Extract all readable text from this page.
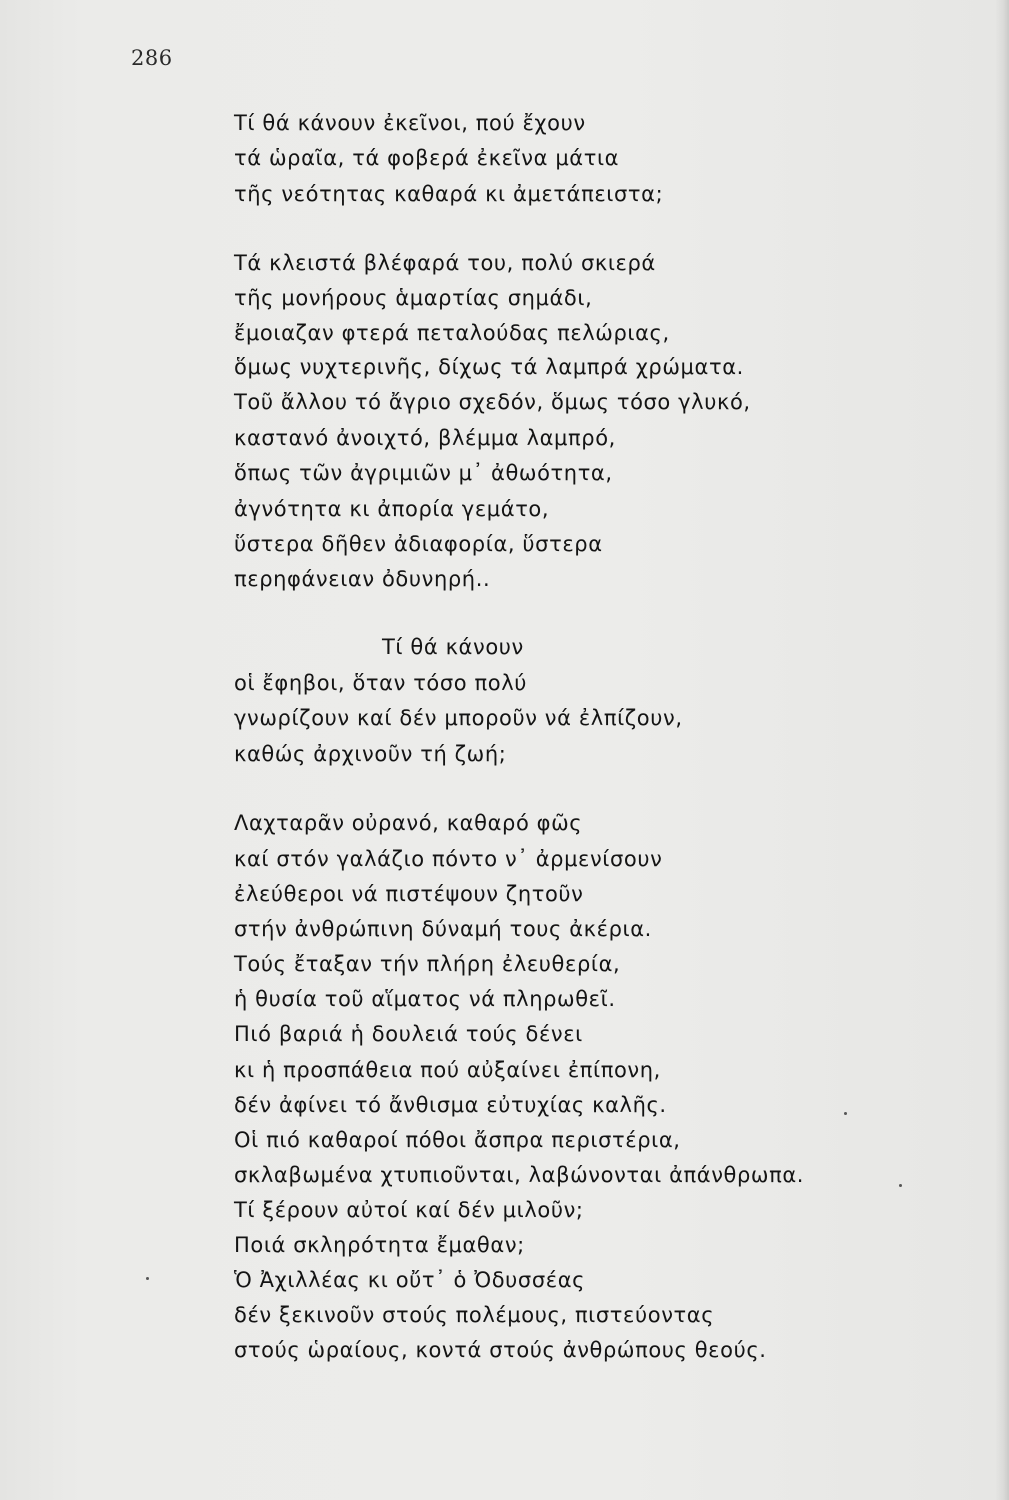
286
Τί θά κάνουν ἐκεῖνοι, πού ἔχουν
τά ὡραῖα, τά φοβερά ἐκεῖνα μάτια
τῆς νεότητας καθαρά κι ἀμετάπειστα;
Τά κλειστά βλέφαρά του, πολύ σκιερά
τῆς μονήρους ἁμαρτίας σημάδι,
ἔμοιαζαν φτερά πεταλούδας πελώριας,
ὅμως νυχτερινῆς, δίχως τά λαμπρά χρώματα.
Τοῦ ἄλλου τό ἄγριο σχεδόν, ὅμως τόσο γλυκό,
καστανό ἀνοιχτό, βλέμμα λαμπρό,
ὅπως τῶν ἀγριμιῶν μ᾽ ἀθωότητα,
ἀγνότητα κι ἀπορία γεμάτο,
ὕστερα δῆθεν ἀδιαφορία, ὕστερα
περηφάνειαν ὀδυνηρή..
Τί θά κάνουν
οἱ ἔφηβοι, ὅταν τόσο πολύ
γνωρίζουν καί δέν μποροῦν νά ἐλπίζουν,
καθώς ἀρχινοῦν τή ζωή;
Λαχταρᾶν οὐρανό, καθαρό φῶς
καί στόν γαλάζιο πόντο ν᾽ ἀρμενίσουν
ἐλεύθεροι νά πιστέψουν ζητοῦν
στήν ἀνθρώπινη δύναμή τους ἀκέρια.
Τούς ἔταξαν τήν πλήρη ἐλευθερία,
ἡ θυσία τοῦ αἵματος νά πληρωθεῖ.
Πιό βαριά ἡ δουλειά τούς δένει
κι ἡ προσπάθεια πού αὐξαίνει ἐπίπονη,
δέν ἀφίνει τό ἄνθισμα εὐτυχίας καλῆς.
Οἱ πιό καθαροί πόθοι ἄσπρα περιστέρια,
σκλαβωμένα χτυπιοῦνται, λαβώνονται ἀπάνθρωπα.
Τί ξέρουν αὐτοί καί δέν μιλοῦν;
Ποιά σκληρότητα ἔμαθαν;
Ὁ Ἀχιλλέας κι οὔτ᾽ ὁ Ὀδυσσέας
δέν ξεκινοῦν στούς πολέμους, πιστεύοντας
στούς ὡραίους, κοντά στούς ἀνθρώπους θεούς.
